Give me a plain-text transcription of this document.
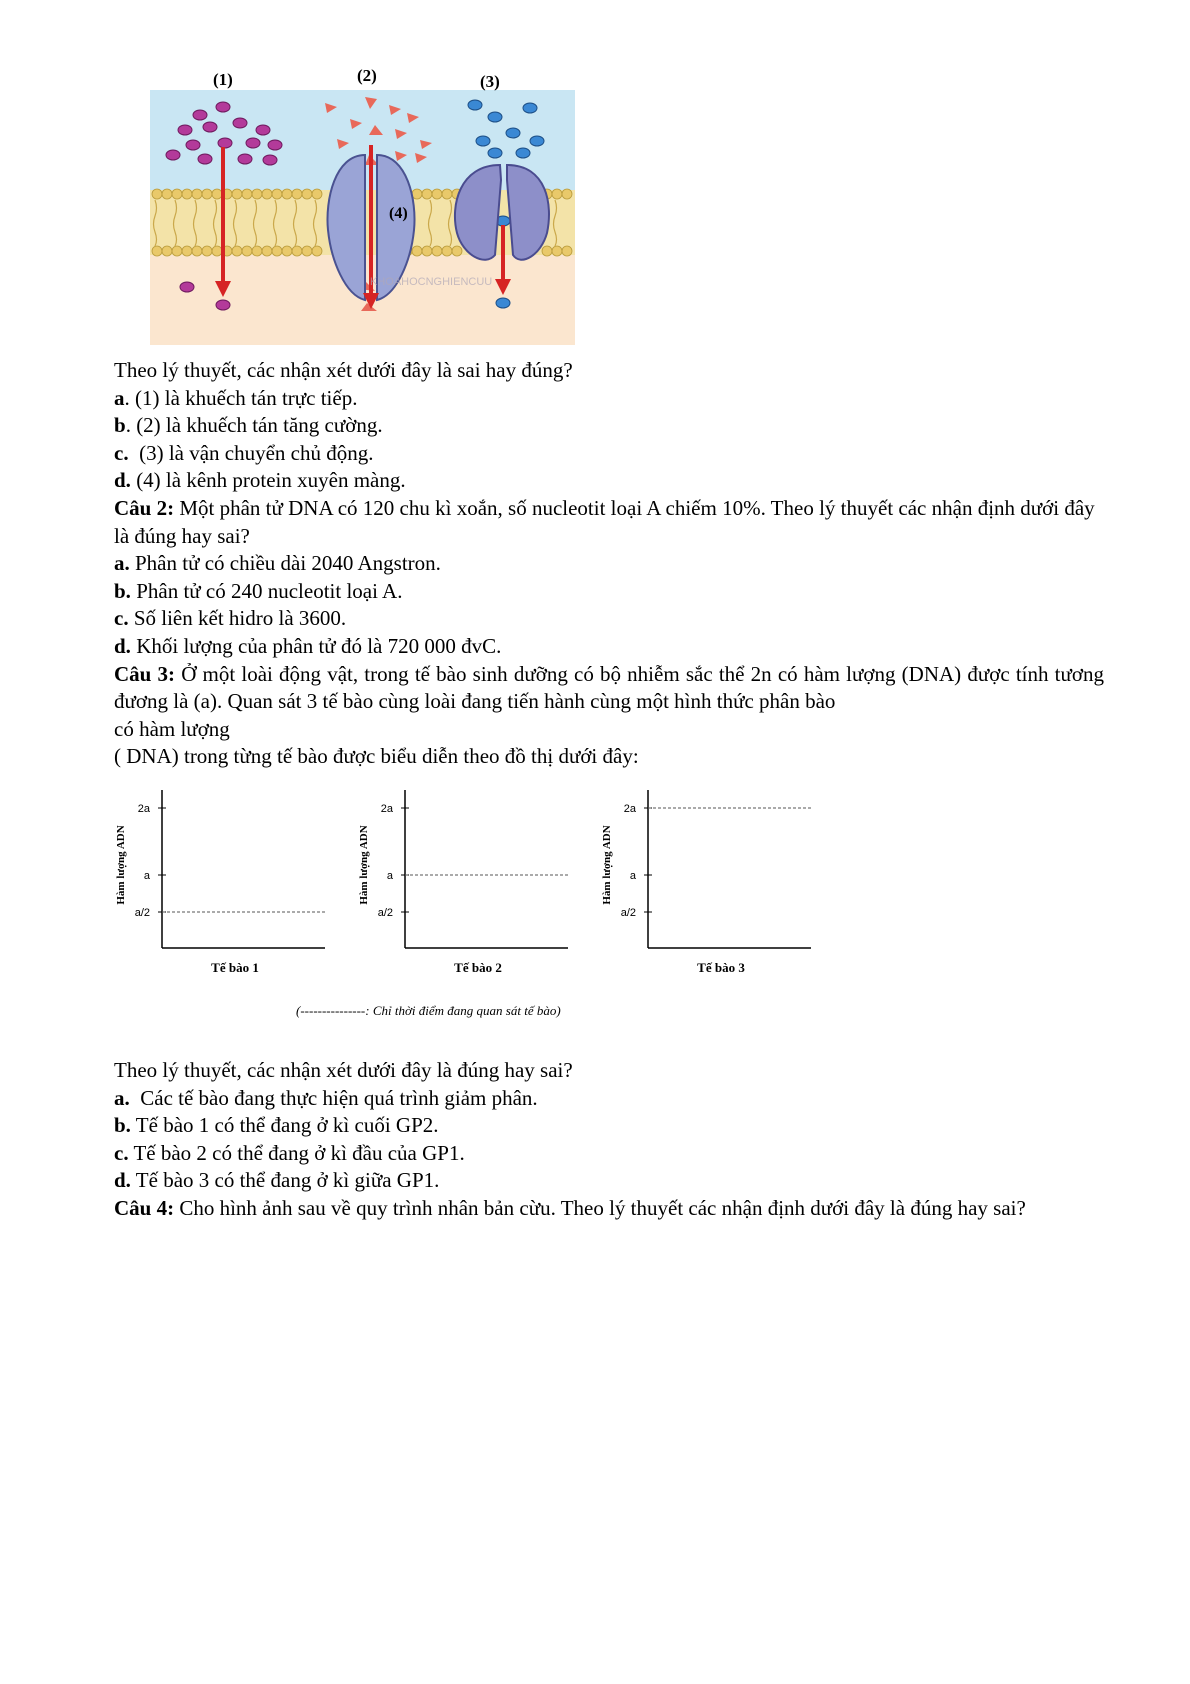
(1)	(2)	(3)
(4)
KHOAHOCNGHIENCUU

Theo lý thuyết, các nhận xét dưới đây là sai hay đúng?

a. (1) là khuếch tán trực tiếp.

b. (2) là khuếch tán tăng cường.

c.  (3) là vận chuyển chủ động.

d. (4) là kênh protein xuyên màng.

Câu 2: Một phân tử DNA có 120 chu kì xoắn, số nucleotit loại A chiếm 10%. Theo lý thuyết các nhận định dưới đây là đúng hay sai?

a. Phân tử có chiều dài 2040 Angstron.

b. Phân tử có 240 nucleotit loại A.

c. Số liên kết hidro là 3600.

d. Khối lượng của phân tử đó là 720 000 đvC.

Câu 3: Ở một loài động vật, trong tế bào sinh dưỡng có bộ nhiễm sắc thể 2n có hàm lượng (DNA) được tính tương đương là (a). Quan sát 3 tế bào cùng loài đang tiến hành cùng một hình thức phân bào

có hàm lượng

( DNA) trong từng tế bào được biểu diễn theo đồ thị dưới đây:

2a
a
a/2
Hàm lượng ADN
Tế bào 1
2a
a
a/2
Hàm lượng ADN
Tế bào 2
2a
a
a/2
Hàm lượng ADN
Tế bào 3
(---------------: Chỉ thời điểm đang quan sát tế bào)

Theo lý thuyết, các nhận xét dưới đây là đúng hay sai?

a.  Các tế bào đang thực hiện quá trình giảm phân.

b. Tế bào 1 có thể đang ở kì cuối GP2.

c. Tế bào 2 có thể đang ở kì đầu của GP1.

d. Tế bào 3 có thể đang ở kì giữa GP1.

Câu 4: Cho hình ảnh sau về quy trình nhân bản cừu. Theo lý thuyết các nhận định dưới đây là đúng hay sai?
